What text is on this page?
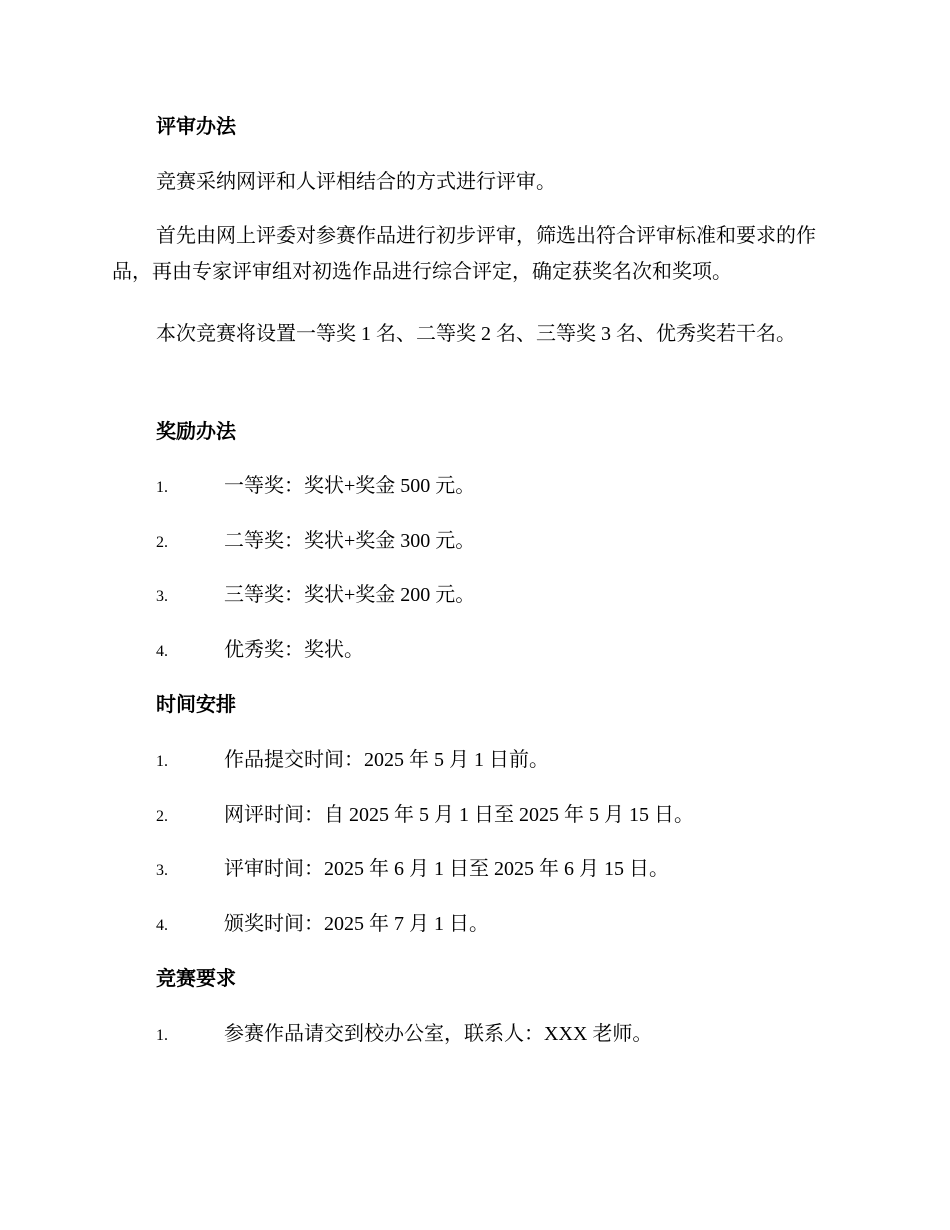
评审办法

竞赛采纳网评和人评相结合的方式进行评审。

首先由网上评委对参赛作品进行初步评审，筛选出符合评审标准和要求的作品，再由专家评审组对初选作品进行综合评定，确定获奖名次和奖项。

本次竞赛将设置一等奖 1 名、二等奖 2 名、三等奖 3 名、优秀奖若干名。

奖励办法
1.	一等奖：奖状+奖金 500 元。
2.	二等奖：奖状+奖金 300 元。
3.	三等奖：奖状+奖金 200 元。
4.	优秀奖：奖状。
时间安排
1.	作品提交时间：2025 年 5 月 1 日前。
2.	网评时间：自 2025 年 5 月 1 日至 2025 年 5 月 15 日。
3.	评审时间：2025 年 6 月 1 日至 2025 年 6 月 15 日。
4.	颁奖时间：2025 年 7 月 1 日。
竞赛要求
1.	参赛作品请交到校办公室，联系人：XXX 老师。
